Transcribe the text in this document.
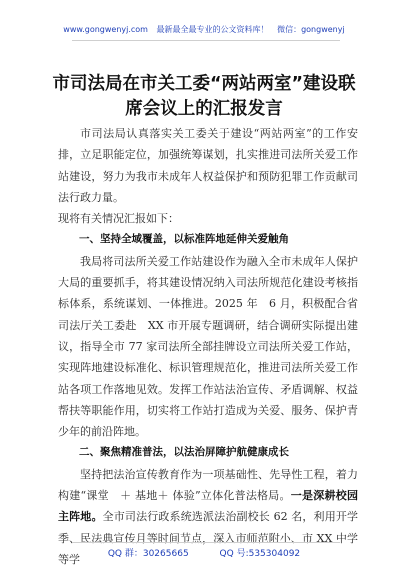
www.gongwenyj.com 最新最全最专业的公文资料库！ 微信：gongwenyj
市司法局在市关工委“两站两室”建设联
席会议上的汇报发言

市司法局认真落实关工委关于建设“两站两室”的工作安排，立足职能定位，加强统筹谋划，扎实推进司法所关爱工作站建设，努力为我市未成年人权益保护和预防犯罪工作贡献司法行政力量。

现将有关情况汇报如下：

一、坚持全域覆盖，以标准阵地延伸关爱触角

我局将司法所关爱工作站建设作为融入全市未成年人保护大局的重要抓手，将其建设情况纳入司法所规范化建设考核指标体系，系统谋划、一体推进。2025 年　6 月，积极配合省司法厅关工委赴　XX 市开展专题调研，结合调研实际提出建议，指导全市 77 家司法所全部挂牌设立司法所关爱工作站，实现阵地建设标准化、标识管理规范化，推进司法所关爱工作站各项工作落地见效。发挥工作站法治宣传、矛盾调解、权益帮扶等职能作用，切实将工作站打造成为关爱、服务、保护青少年的前沿阵地。

二、聚焦精准普法，以法治屏障护航健康成长

坚持把法治宣传教育作为一项基础性、先导性工程，着力构建“课堂　＋ 基地＋ 体验”立体化普法格局。一是深耕校园主阵地。全市司法行政系统选派法治副校长 62 名，利用开学季、民法典宣传月等时间节点，深入市师范附小、市 XX 中学等学	QQ 群：30265665	QQ 号:535304092
